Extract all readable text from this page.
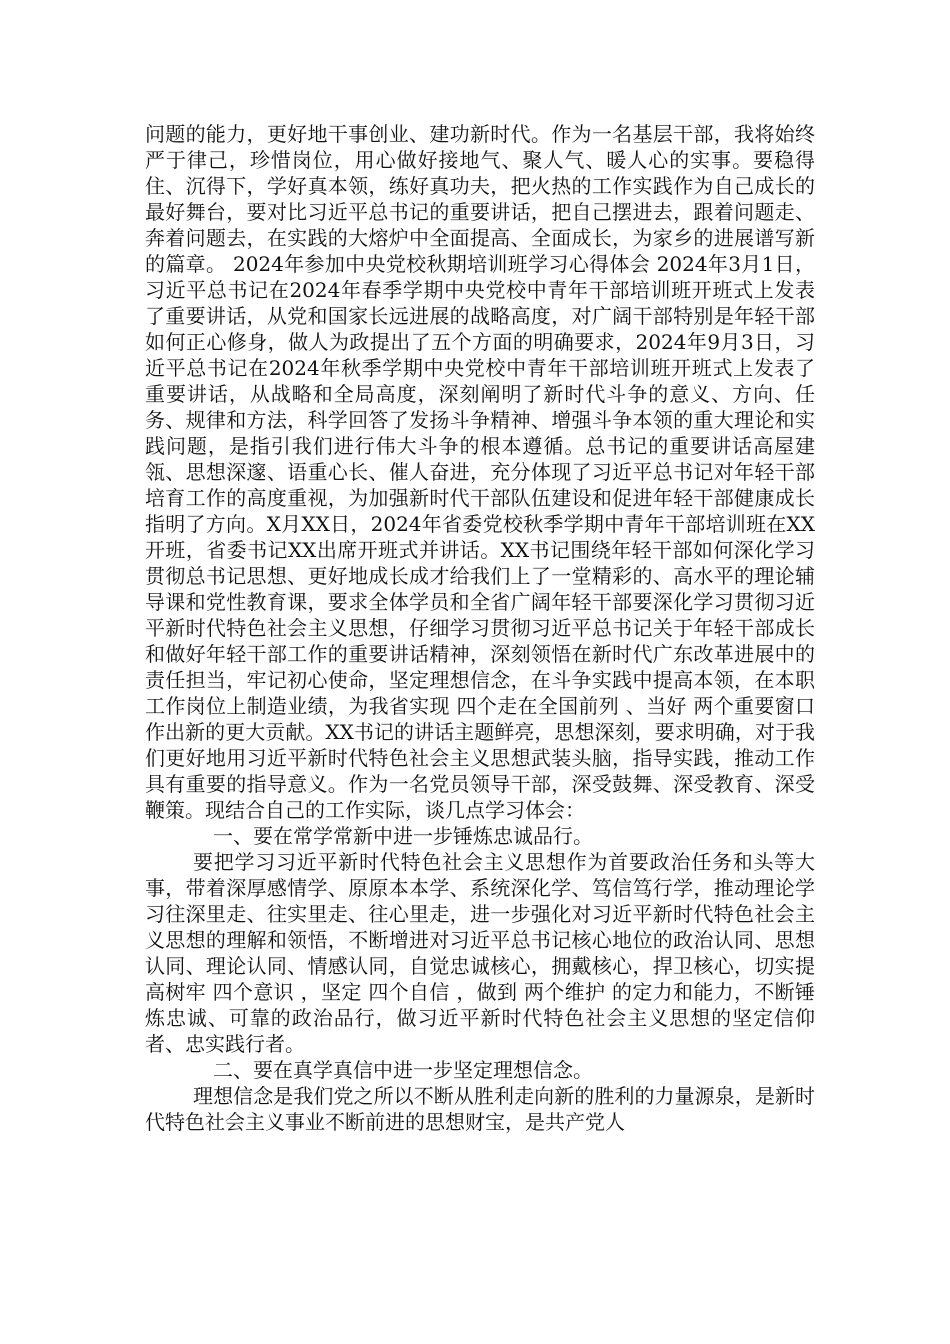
问题的能力，更好地干事创业、建功新时代。作为一名基层干部，我将始终严于律己，珍惜岗位，用心做好接地气、聚人气、暖人心的实事。要稳得住、沉得下，学好真本领，练好真功夫，把火热的工作实践作为自己成长的最好舞台，要对比习近平总书记的重要讲话，把自己摆进去，跟着问题走、奔着问题去，在实践的大熔炉中全面提高、全面成长，为家乡的进展谱写新的篇章。 2024年参加中央党校秋期培训班学习心得体会 2024年3月1日，习近平总书记在2024年春季学期中央党校中青年干部培训班开班式上发表了重要讲话，从党和国家长远进展的战略高度，对广阔干部特别是年轻干部如何正心修身，做人为政提出了五个方面的明确要求，2024年9月3日，习近平总书记在2024年秋季学期中央党校中青年干部培训班开班式上发表了重要讲话，从战略和全局高度，深刻阐明了新时代斗争的意义、方向、任务、规律和方法，科学回答了发扬斗争精神、增强斗争本领的重大理论和实践问题，是指引我们进行伟大斗争的根本遵循。总书记的重要讲话高屋建瓴、思想深邃、语重心长、催人奋进，充分体现了习近平总书记对年轻干部培育工作的高度重视，为加强新时代干部队伍建设和促进年轻干部健康成长指明了方向。X月XX日，2024年省委党校秋季学期中青年干部培训班在XX开班，省委书记XX出席开班式并讲话。XX书记围绕年轻干部如何深化学习贯彻总书记思想、更好地成长成才给我们上了一堂精彩的、高水平的理论辅导课和党性教育课，要求全体学员和全省广阔年轻干部要深化学习贯彻习近平新时代特色社会主义思想，仔细学习贯彻习近平总书记关于年轻干部成长和做好年轻干部工作的重要讲话精神，深刻领悟在新时代广东改革进展中的责任担当，牢记初心使命，坚定理想信念，在斗争实践中提高本领，在本职工作岗位上制造业绩，为我省实现 四个走在全国前列 、当好 两个重要窗口 作出新的更大贡献。XX书记的讲话主题鲜亮，思想深刻，要求明确，对于我们更好地用习近平新时代特色社会主义思想武装头脑，指导实践，推动工作具有重要的指导意义。作为一名党员领导干部，深受鼓舞、深受教育、深受鞭策。现结合自己的工作实际，谈几点学习体会：

一、要在常学常新中进一步锤炼忠诚品行。

要把学习习近平新时代特色社会主义思想作为首要政治任务和头等大事，带着深厚感情学、原原本本学、系统深化学、笃信笃行学，推动理论学习往深里走、往实里走、往心里走，进一步强化对习近平新时代特色社会主义思想的理解和领悟，不断增进对习近平总书记核心地位的政治认同、思想认同、理论认同、情感认同，自觉忠诚核心，拥戴核心，捍卫核心，切实提高树牢 四个意识 ，坚定 四个自信 ，做到 两个维护 的定力和能力，不断锤炼忠诚、可靠的政治品行，做习近平新时代特色社会主义思想的坚定信仰者、忠实践行者。

二、要在真学真信中进一步坚定理想信念。

理想信念是我们党之所以不断从胜利走向新的胜利的力量源泉，是新时代特色社会主义事业不断前进的思想财宝，是共产党人
